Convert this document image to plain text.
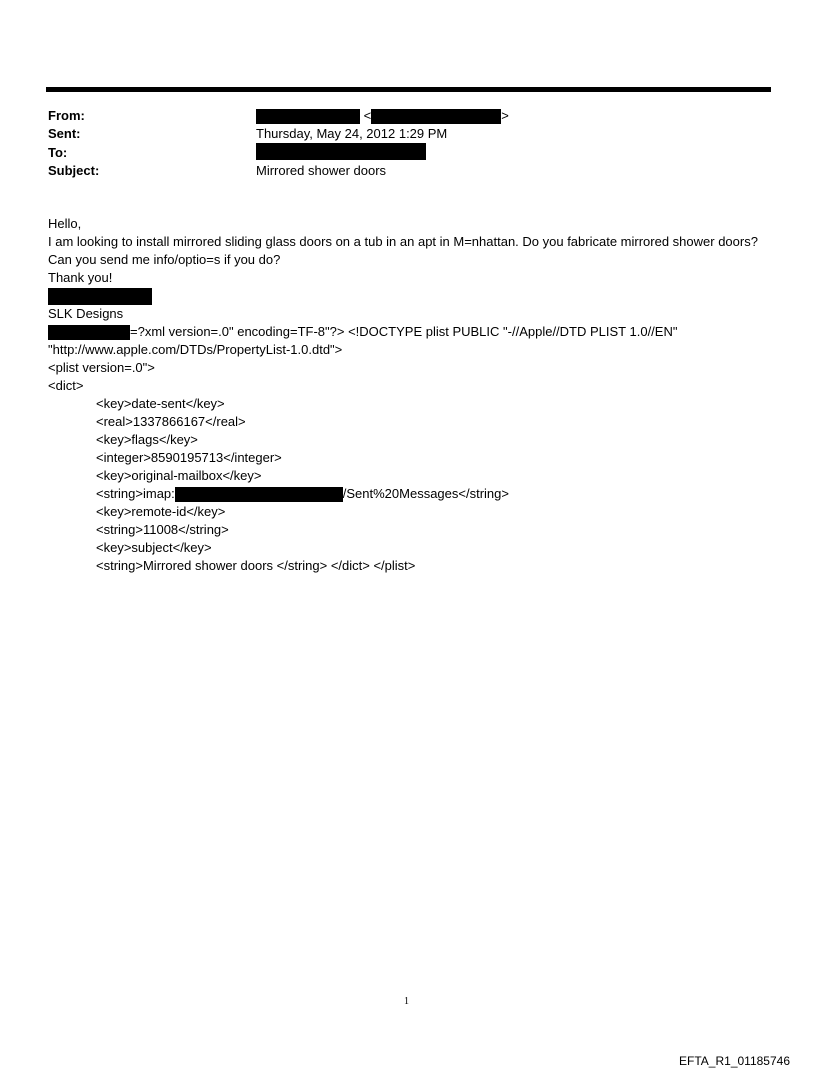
From:	<	>
Sent:	Thursday, May 24, 2012 1:29 PM
To:
Subject:	Mirrored shower doors
Hello,
I am looking to install mirrored sliding glass doors on a tub in an apt in M=nhattan. Do you fabricate mirrored shower doors? Can you send me info/optio=s if you do?
Thank you!
SLK Designs
=?xml version=.0" encoding=TF-8"?> <!DOCTYPE plist PUBLIC "-//Apple//DTD PLIST 1.0//EN"
"http://www.apple.com/DTDs/PropertyList-1.0.dtd">
<plist version=.0">
<dict>
<key>date-sent</key>
<real>1337866167</real>
<key>flags</key>
<integer>8590195713</integer>
<key>original-mailbox</key>
<string>imap:	/Sent%20Messages</string>
<key>remote-id</key>
<string>11008</string>
<key>subject</key>
<string>Mirrored shower doors </string> </dict> </plist>
1
EFTA_R1_01185746
